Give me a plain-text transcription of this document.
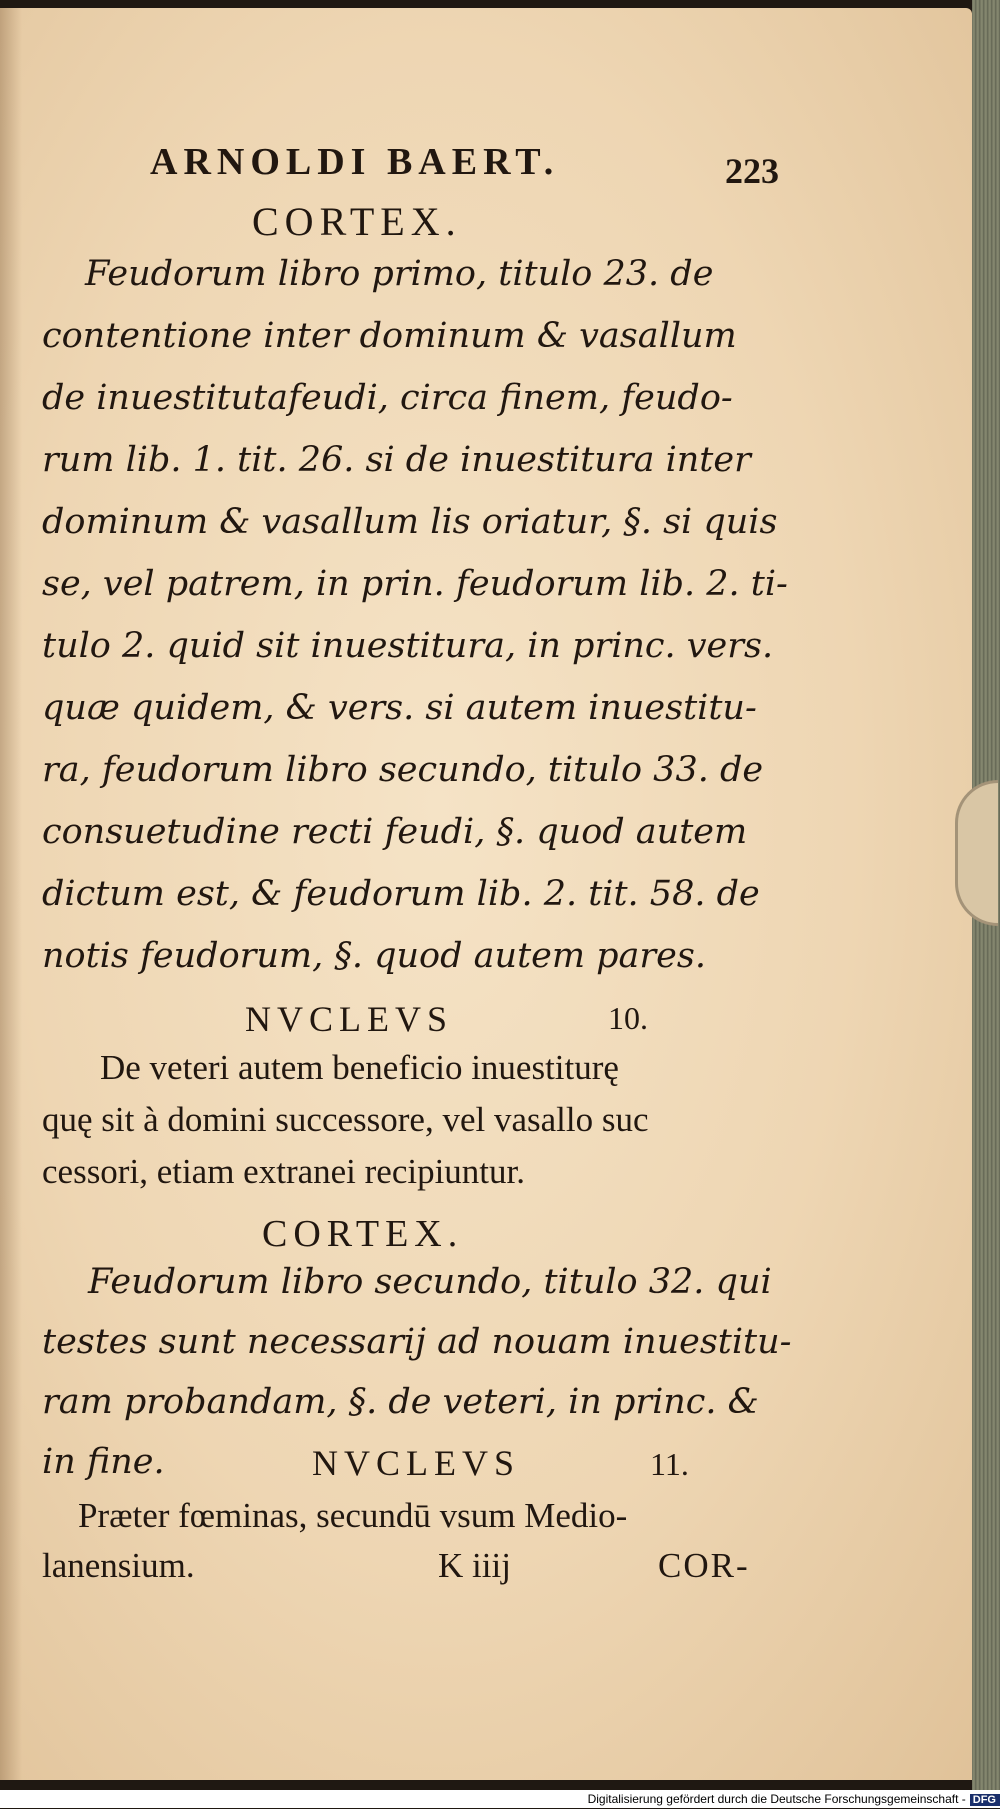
ARNOLDI BAERT.	223
CORTEX.
Feudorum libro primo, titulo 23. de
contentione inter dominum & vasallum
de inuestitutafeudi, circa finem, feudo-
rum lib. 1. tit. 26. si de inuestitura inter
dominum & vasallum lis oriatur, §. si quis
se, vel patrem, in prin. feudorum lib. 2. ti-
tulo 2. quid sit inuestitura, in princ. vers.
quæ quidem, & vers. si autem inuestitu-
ra, feudorum libro secundo, titulo 33. de
consuetudine recti feudi, §. quod autem
dictum est, & feudorum lib. 2. tit. 58. de
notis feudorum, §. quod autem pares.
NVCLEVS	10.
De veteri autem beneficio inuestiturę
quę sit à domini successore, vel vasallo suc
cessori, etiam extranei recipiuntur.
CORTEX.
Feudorum libro secundo, titulo 32. qui
testes sunt necessarij ad nouam inuestitu-
ram probandam, §. de veteri, in princ. &
in fine.	NVCLEVS	11.
Præter fœminas, secundū vsum Medio-
lanensium.	K iiij	COR-
Digitalisierung gefördert durch die Deutsche Forschungsgemeinschaft - DFG
